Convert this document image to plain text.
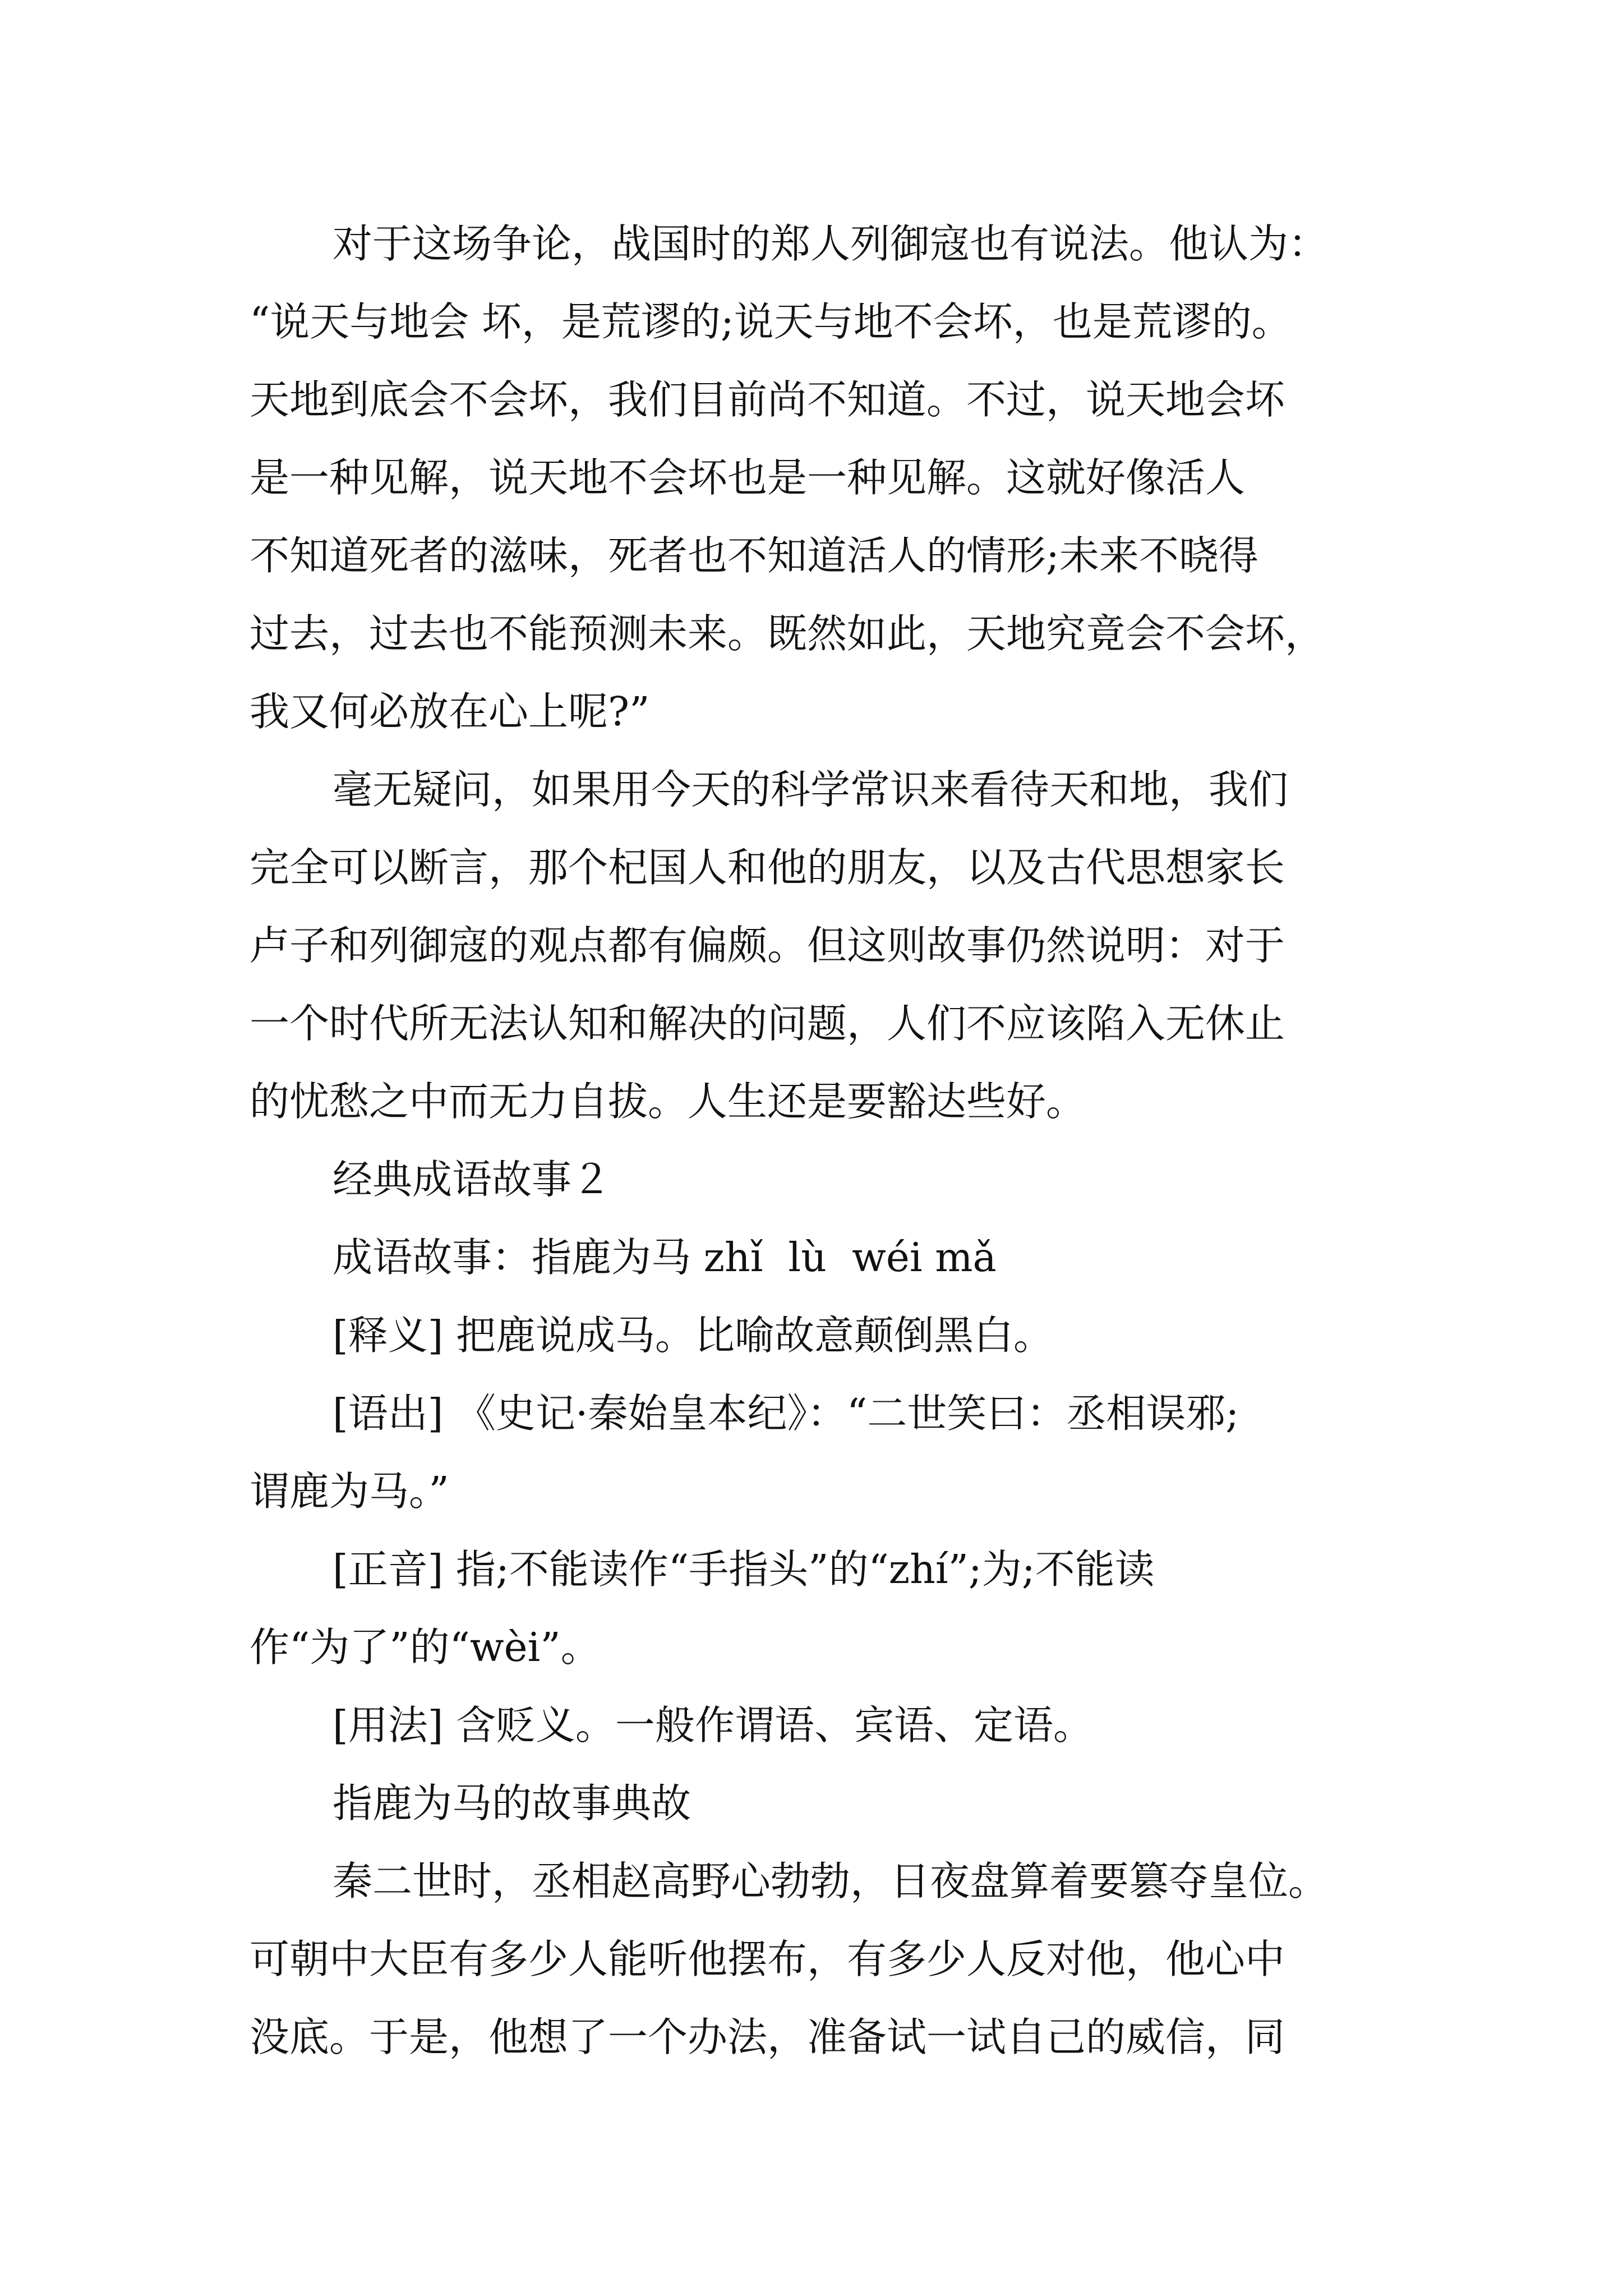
对于这场争论，战国时的郑人列御寇也有说法。他认为：
“说天与地会 坏，是荒谬的;说天与地不会坏，也是荒谬的。
天地到底会不会坏，我们目前尚不知道。不过，说天地会坏
是一种见解，说天地不会坏也是一种见解。这就好像活人
不知道死者的滋味，死者也不知道活人的情形;未来不晓得
过去，过去也不能预测未来。既然如此，天地究竟会不会坏，
我又何必放在心上呢?”
毫无疑问，如果用今天的科学常识来看待天和地，我们
完全可以断言，那个杞国人和他的朋友，以及古代思想家长
卢子和列御寇的观点都有偏颇。但这则故事仍然说明：对于
一个时代所无法认知和解决的问题，人们不应该陷入无休止
的忧愁之中而无力自拔。人生还是要豁达些好。
经典成语故事２
成语故事：指鹿为马 zhǐ  lù  wéi mǎ
[释义] 把鹿说成马。比喻故意颠倒黑白。
[语出] 《史记·秦始皇本纪》：“二世笑曰：丞相误邪;
谓鹿为马。”
[正音] 指;不能读作“手指头”的“zhí”;为;不能读
作“为了”的“wèi”。
[用法] 含贬义。一般作谓语、宾语、定语。
指鹿为马的故事典故
秦二世时，丞相赵高野心勃勃，日夜盘算着要篡夺皇位。
可朝中大臣有多少人能听他摆布，有多少人反对他，他心中
没底。于是，他想了一个办法，准备试一试自己的威信，同
